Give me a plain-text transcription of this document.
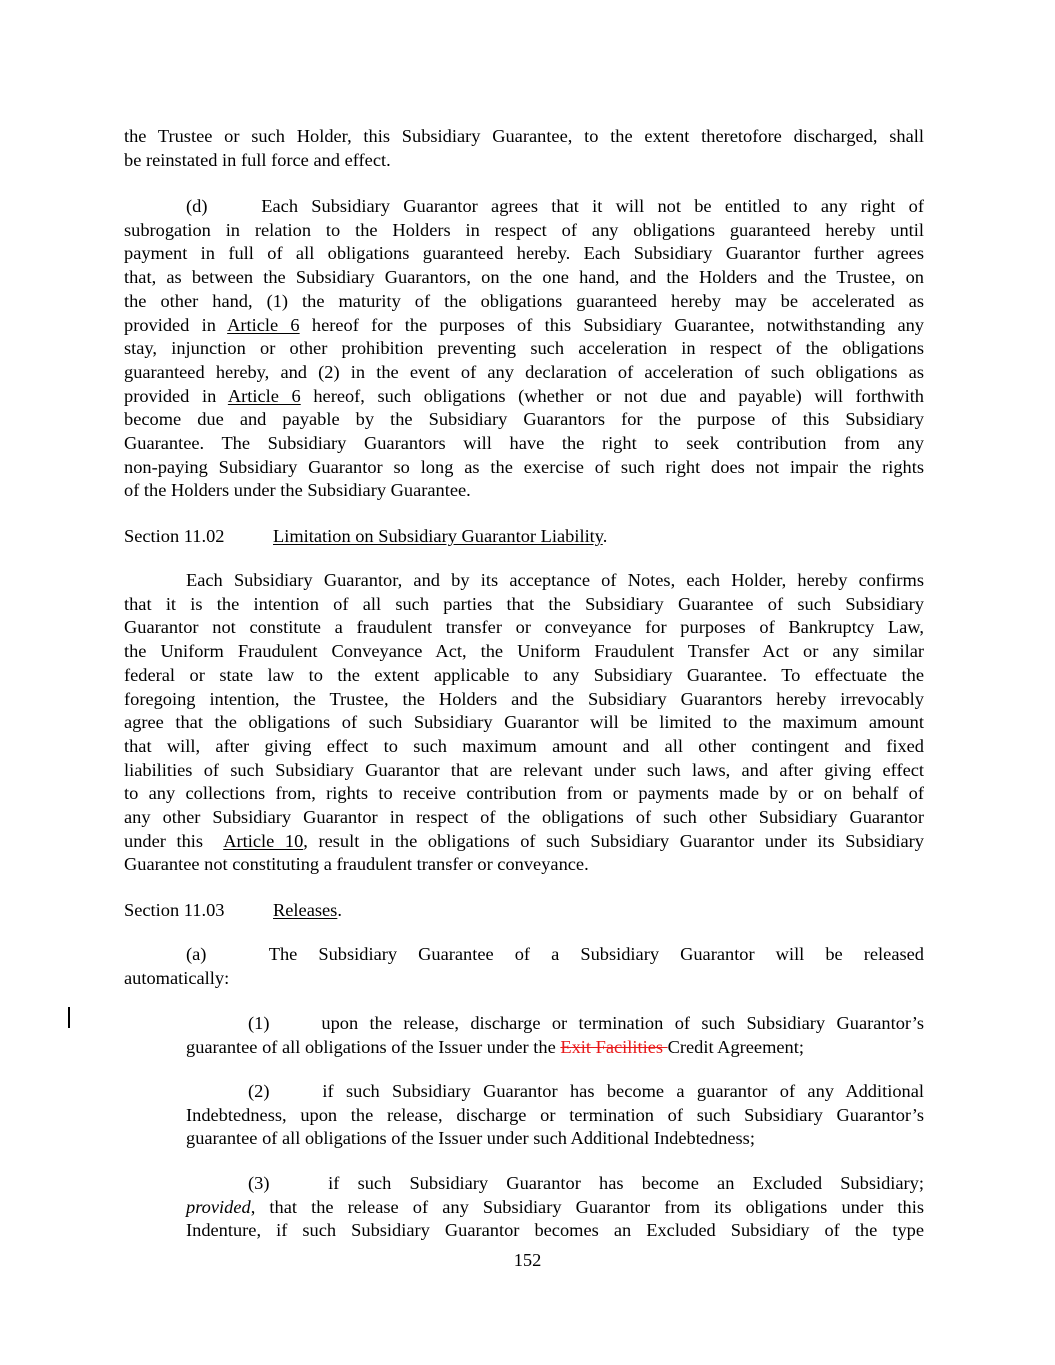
the Trustee or such Holder, this Subsidiary Guarantee, to the extent theretofore discharged, shall
be reinstated in full force and effect.
(d)	Each Subsidiary Guarantor agrees that it will not be entitled to any right of
subrogation in relation to the Holders in respect of any obligations guaranteed hereby until
payment in full of all obligations guaranteed hereby. Each Subsidiary Guarantor further agrees
that, as between the Subsidiary Guarantors, on the one hand, and the Holders and the Trustee, on
the other hand, (1) the maturity of the obligations guaranteed hereby may be accelerated as
provided in Article 6 hereof for the purposes of this Subsidiary Guarantee, notwithstanding any
stay, injunction or other prohibition preventing such acceleration in respect of the obligations
guaranteed hereby, and (2) in the event of any declaration of acceleration of such obligations as
provided in Article 6 hereof, such obligations (whether or not due and payable) will forthwith
become due and payable by the Subsidiary Guarantors for the purpose of this Subsidiary
Guarantee. The Subsidiary Guarantors will have the right to seek contribution from any
non-paying Subsidiary Guarantor so long as the exercise of such right does not impair the rights
of the Holders under the Subsidiary Guarantee.
Section 11.02	Limitation on Subsidiary Guarantor Liability.
Each Subsidiary Guarantor, and by its acceptance of Notes, each Holder, hereby confirms
that it is the intention of all such parties that the Subsidiary Guarantee of such Subsidiary
Guarantor not constitute a fraudulent transfer or conveyance for purposes of Bankruptcy Law,
the Uniform Fraudulent Conveyance Act, the Uniform Fraudulent Transfer Act or any similar
federal or state law to the extent applicable to any Subsidiary Guarantee. To effectuate the
foregoing intention, the Trustee, the Holders and the Subsidiary Guarantors hereby irrevocably
agree that the obligations of such Subsidiary Guarantor will be limited to the maximum amount
that will, after giving effect to such maximum amount and all other contingent and fixed
liabilities of such Subsidiary Guarantor that are relevant under such laws, and after giving effect
to any collections from, rights to receive contribution from or payments made by or on behalf of
any other Subsidiary Guarantor in respect of the obligations of such other Subsidiary Guarantor
under this  Article 10, result in the obligations of such Subsidiary Guarantor under its Subsidiary
Guarantee not constituting a fraudulent transfer or conveyance.
Section 11.03	Releases.
(a)	The Subsidiary Guarantee of a Subsidiary Guarantor will be released
automatically:
(1)	upon the release, discharge or termination of such Subsidiary Guarantor’s
guarantee of all obligations of the Issuer under the Exit Facilities Credit Agreement;
(2)	if such Subsidiary Guarantor has become a guarantor of any Additional
Indebtedness, upon the release, discharge or termination of such Subsidiary Guarantor’s
guarantee of all obligations of the Issuer under such Additional Indebtedness;
(3)	if such Subsidiary Guarantor has become an Excluded Subsidiary;
provided, that the release of any Subsidiary Guarantor from its obligations under this
Indenture, if such Subsidiary Guarantor becomes an Excluded Subsidiary of the type
152
